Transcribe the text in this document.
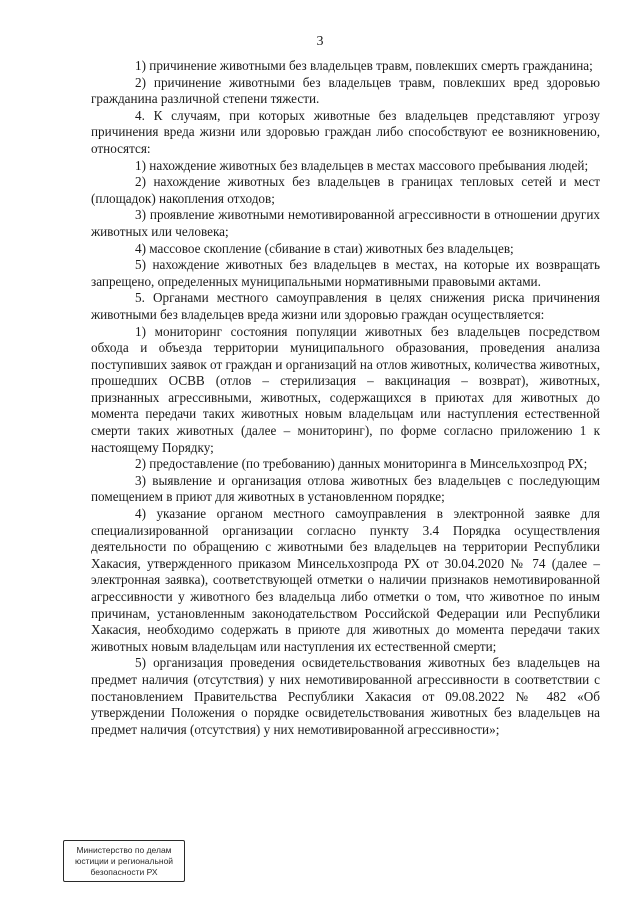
3

1) причинение животными без владельцев травм, повлекших смерть гражданина;

2) причинение животными без владельцев травм, повлекших вред здоровью гражданина различной степени тяжести.

4. К случаям, при которых животные без владельцев представляют угрозу причинения вреда жизни или здоровью граждан либо способствуют ее возникновению, относятся:

1) нахождение животных без владельцев в местах массового пребывания людей;

2) нахождение животных без владельцев в границах тепловых сетей и мест (площадок) накопления отходов;

3) проявление животными немотивированной агрессивности в отношении других животных или человека;

4) массовое скопление (сбивание в стаи) животных без владельцев;

5) нахождение животных без владельцев в местах, на которые их возвращать запрещено, определенных муниципальными нормативными правовыми актами.

5. Органами местного самоуправления в целях снижения риска причинения животными без владельцев вреда жизни или здоровью граждан осуществляется:

1) мониторинг состояния популяции животных без владельцев посредством обхода и объезда территории муниципального образования, проведения анализа поступивших заявок от граждан и организаций на отлов животных, количества животных, прошедших ОСВВ (отлов – стерилизация – вакцинация – возврат), животных, признанных агрессивными, животных, содержащихся в приютах для животных до момента передачи таких животных новым владельцам или наступления естественной смерти таких животных (далее – мониторинг), по форме согласно приложению 1 к настоящему Порядку;

2) предоставление (по требованию) данных мониторинга в Минсельхозпрод РХ;

3) выявление и организация отлова животных без владельцев с последующим помещением в приют для животных в установленном порядке;

4) указание органом местного самоуправления в электронной заявке для специализированной организации согласно пункту 3.4 Порядка осуществления деятельности по обращению с животными без владельцев на территории Республики Хакасия, утвержденного приказом Минсельхозпрода РХ от 30.04.2020 № 74 (далее – электронная заявка), соответствующей отметки о наличии признаков немотивированной агрессивности у животного без владельца либо отметки о том, что животное по иным причинам, установленным законодательством Российской Федерации или Республики Хакасия, необходимо содержать в приюте для животных до момента передачи таких животных новым владельцам или наступления их естественной смерти;

5) организация проведения освидетельствования животных без владельцев на предмет наличия (отсутствия) у них немотивированной агрессивности в соответствии с постановлением Правительства Республики Хакасия от 09.08.2022 № 482 «Об утверждении Положения о порядке освидетельствования животных без владельцев на предмет наличия (отсутствия) у них немотивированной агрессивности»;

Министерство по делам
юстиции и региональной
безопасности РХ
